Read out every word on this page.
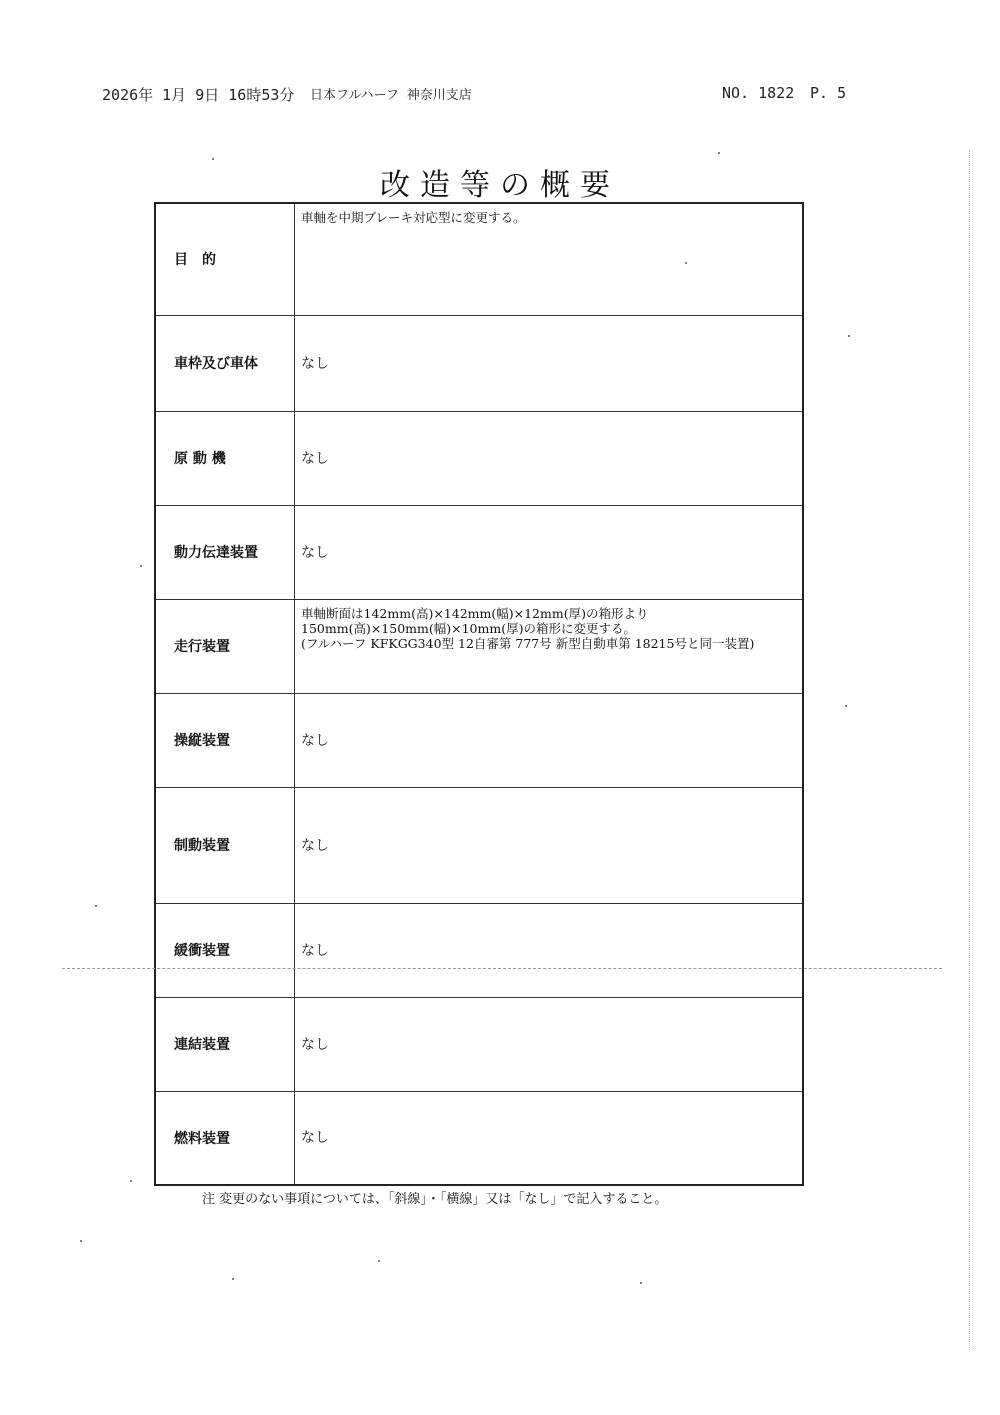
2026年 1月 9日 16時53分 日本フルハーフ 神奈川支店	NO. 1822 P. 5
改造等の概要
目　的	車軸を中期ブレーキ対応型に変更する。
車枠及び車体	なし
原 動 機	なし
動力伝達装置	なし
走行装置	車軸断面は142mm(高)×142mm(幅)×12mm(厚)の箱形より
150mm(高)×150mm(幅)×10mm(厚)の箱形に変更する。
(フルハーフ KFKGG340型 12自審第 777号 新型自動車第 18215号と同一装置)

操縦装置	なし
制動装置	なし
緩衝装置	なし
連結装置	なし
燃料装置	なし
注 変更のない事項については、「斜線」・「横線」又は「なし」で記入すること。
